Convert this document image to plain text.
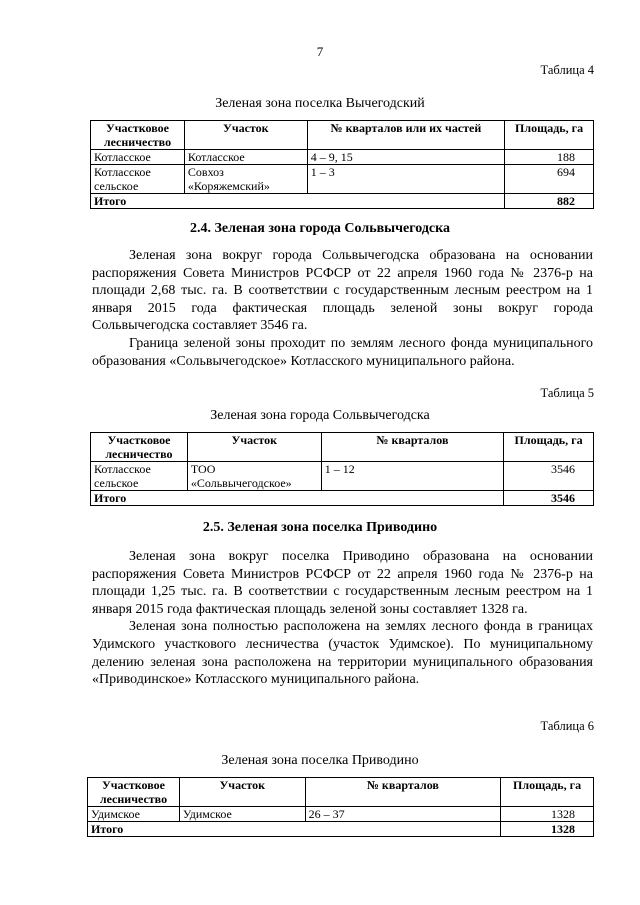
7
Таблица 4
Зеленая зона поселка Вычегодский
Участковое лесничество	Участок	№ кварталов или их частей	Площадь, га
Котласское	Котласское	4 – 9, 15	188
Котласское сельское	Совхоз «Коряжемский»	1 – 3	694
Итого			882
2.4. Зеленая зона города Сольвычегодска

Зеленая зона вокруг города Сольвычегодска образована на основании распоряжения Совета Министров РСФСР от 22 апреля 1960 года № 2376-р на площади 2,68 тыс. га. В соответствии с государственным лесным реестром на 1 января 2015 года фактическая площадь зеленой зоны вокруг города Сольвычегодска составляет 3546 га.

Граница зеленой зоны проходит по землям лесного фонда муниципального образования «Сольвычегодское» Котласского муниципального района.

Таблица 5
Зеленая зона города Сольвычегодска
Участковое лесничество	Участок	№ кварталов	Площадь, га
Котласское сельское	ТОО «Сольвычегодское»	1 – 12	3546
Итого			3546
2.5. Зеленая зона поселка Приводино

Зеленая зона вокруг поселка Приводино образована на основании распоряжения Совета Министров РСФСР от 22 апреля 1960 года № 2376-р на площади 1,25 тыс. га. В соответствии с государственным лесным реестром на 1 января 2015 года фактическая площадь зеленой зоны составляет 1328 га.

Зеленая зона полностью расположена на землях лесного фонда в границах Удимского участкового лесничества (участок Удимское). По муниципальному делению зеленая зона расположена на территории муниципального образования «Приводинское» Котласского муниципального района.

Таблица 6
Зеленая зона поселка Приводино
Участковое лесничество	Участок	№ кварталов	Площадь, га
Удимское	Удимское	26 – 37	1328
Итого			1328
